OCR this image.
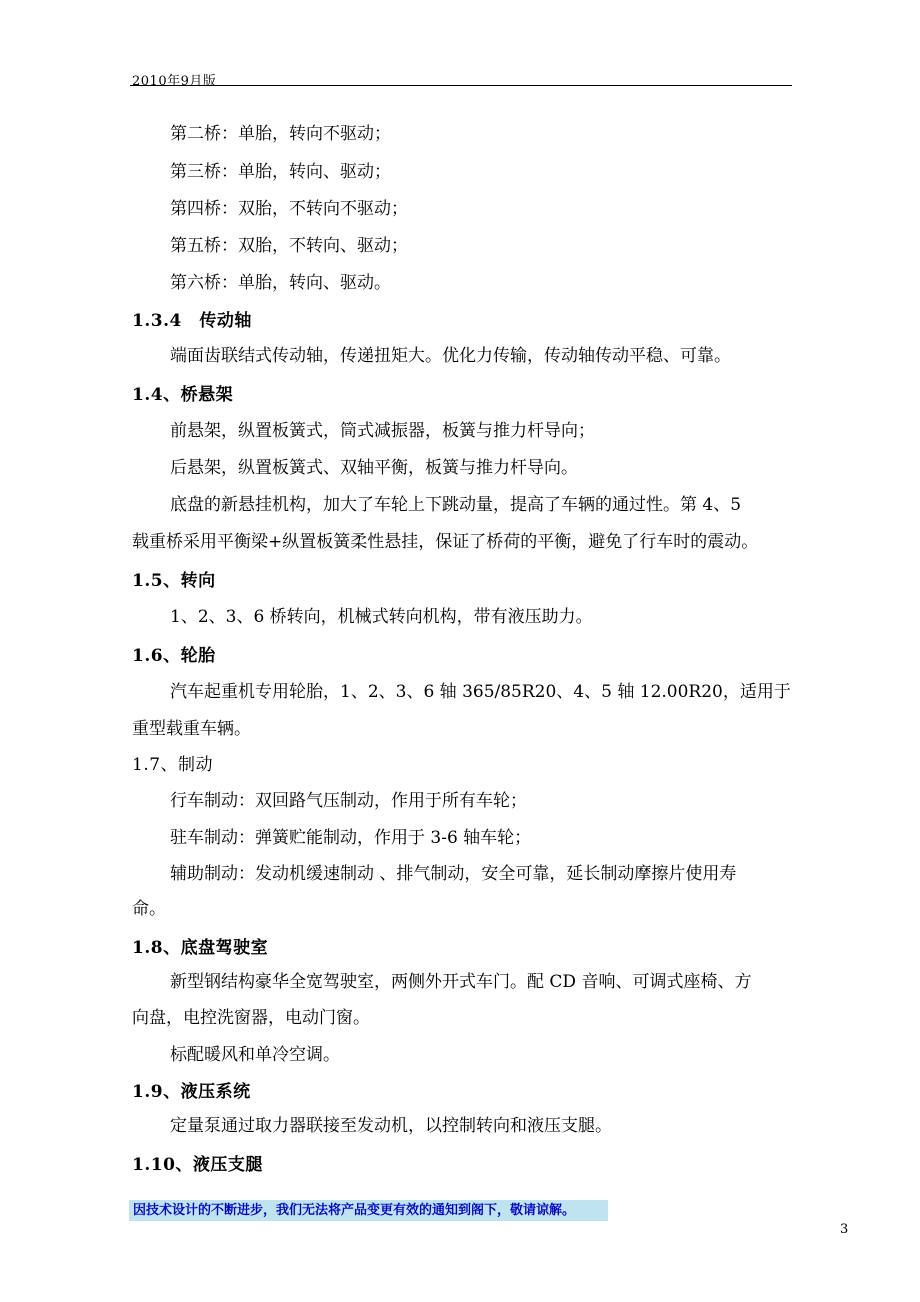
2010年9月版
第二桥：单胎，转向不驱动；
第三桥：单胎，转向、驱动；
第四桥：双胎，不转向不驱动；
第五桥：双胎，不转向、驱动；
第六桥：单胎，转向、驱动。
1.3.4　传动轴
端面齿联结式传动轴，传递扭矩大。优化力传输，传动轴传动平稳、可靠。
1.4、桥悬架
前悬架，纵置板簧式，筒式减振器，板簧与推力杆导向；
后悬架，纵置板簧式、双轴平衡，板簧与推力杆导向。
底盘的新悬挂机构，加大了车轮上下跳动量，提高了车辆的通过性。第 4、5
载重桥采用平衡梁+纵置板簧柔性悬挂，保证了桥荷的平衡，避免了行车时的震动。
1.5、转向
1、2、3、6 桥转向，机械式转向机构，带有液压助力。
1.6、轮胎
汽车起重机专用轮胎，1、2、3、6 轴 365/85R20、4、5 轴 12.00R20，适用于
重型载重车辆。
1.7、制动
行车制动：双回路气压制动，作用于所有车轮；
驻车制动：弹簧贮能制动，作用于 3-6 轴车轮；
辅助制动：发动机缓速制动 、排气制动，安全可靠，延长制动摩擦片使用寿
命。
1.8、底盘驾驶室
新型钢结构豪华全宽驾驶室，两侧外开式车门。配 CD 音响、可调式座椅、方
向盘，电控洗窗器，电动门窗。
标配暖风和单冷空调。
1.9、液压系统
定量泵通过取力器联接至发动机，以控制转向和液压支腿。
1.10、液压支腿
因技术设计的不断进步，我们无法将产品变更有效的通知到阁下，敬请谅解。
3
